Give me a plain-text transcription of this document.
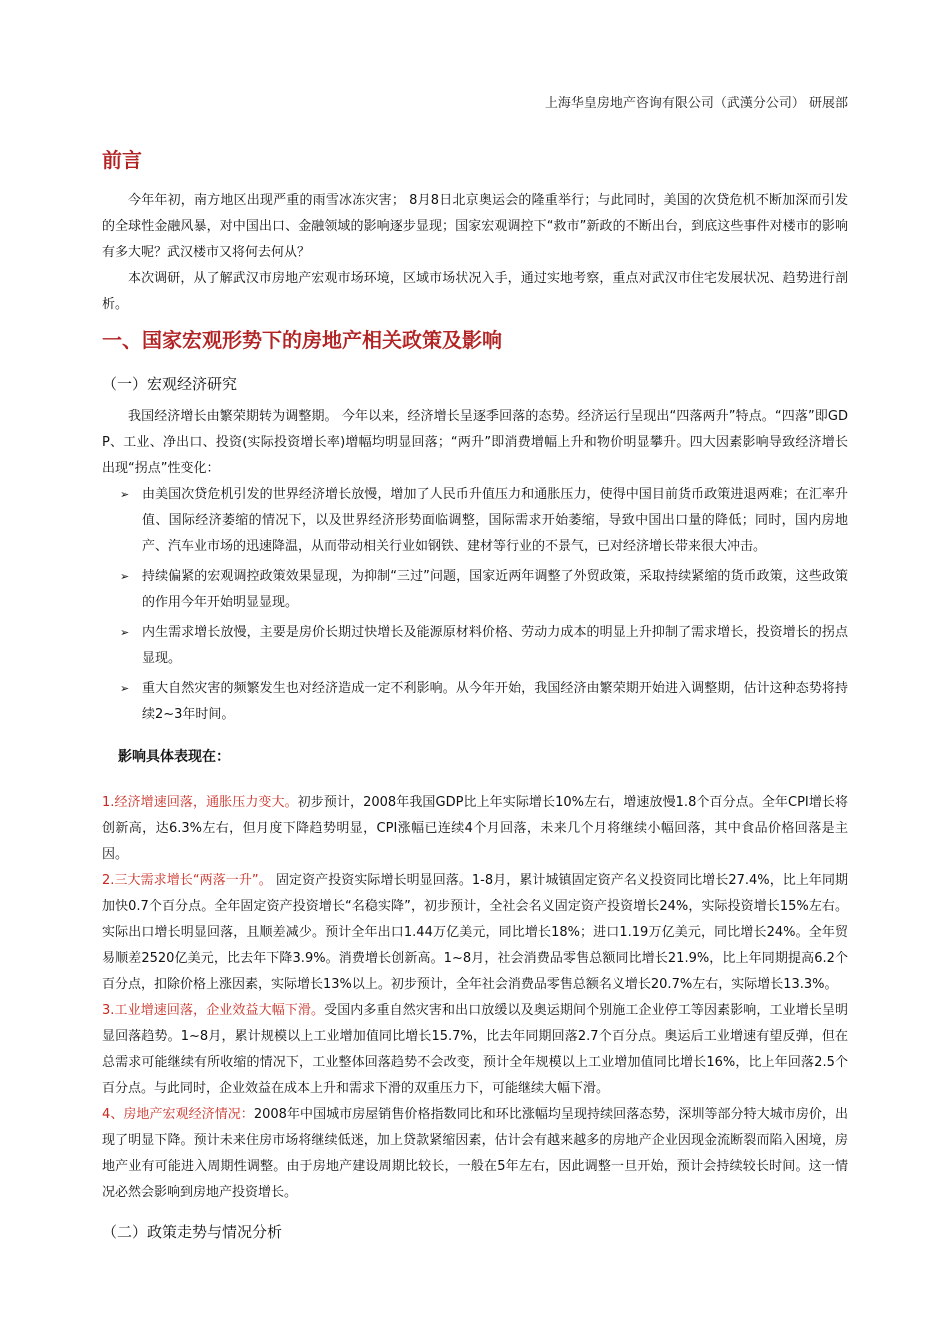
上海华皇房地产咨询有限公司（武漢分公司） 研展部
前言

今年年初，南方地区出现严重的雨雪冰冻灾害； 8月8日北京奥运会的隆重举行；与此同时，美国的次贷危机不断加深而引发的全球性金融风暴，对中国出口、金融领域的影响逐步显现；国家宏观调控下“救市”新政的不断出台，到底这些事件对楼市的影响有多大呢？武汉楼市又将何去何从？

本次调研，从了解武汉市房地产宏观市场环境，区域市场状况入手，通过实地考察，重点对武汉市住宅发展状况、趋势进行剖析。

一、国家宏观形势下的房地产相关政策及影响
（一）宏观经济研究

我国经济增长由繁荣期转为调整期。 今年以来，经济增长呈逐季回落的态势。经济运行呈现出“四落两升”特点。“四落”即GDP、工业、净出口、投资(实际投资增长率)增幅均明显回落；“两升”即消费增幅上升和物价明显攀升。四大因素影响导致经济增长出现“拐点”性变化：

➢ 由美国次贷危机引发的世界经济增长放慢，增加了人民币升值压力和通胀压力，使得中国目前货币政策进退两难；在汇率升值、国际经济萎缩的情况下，以及世界经济形势面临调整，国际需求开始萎缩，导致中国出口量的降低；同时，国内房地产、汽车业市场的迅速降温，从而带动相关行业如钢铁、建材等行业的不景气，已对经济增长带来很大冲击。
➢ 持续偏紧的宏观调控政策效果显现，为抑制“三过”问题，国家近两年调整了外贸政策，采取持续紧缩的货币政策，这些政策的作用今年开始明显显现。
➢ 内生需求增长放慢，主要是房价长期过快增长及能源原材料价格、劳动力成本的明显上升抑制了需求增长，投资增长的拐点显现。
➢ 重大自然灾害的频繁发生也对经济造成一定不利影响。从今年开始，我国经济由繁荣期开始进入调整期，估计这种态势将持续2~3年时间。
影响具体表现在：

1.经济增速回落，通胀压力变大。初步预计，2008年我国GDP比上年实际增长10%左右，增速放慢1.8个百分点。全年CPI增长将创新高，达6.3%左右，但月度下降趋势明显，CPI涨幅已连续4个月回落，未来几个月将继续小幅回落，其中食品价格回落是主因。

2.三大需求增长“两落一升”。 固定资产投资实际增长明显回落。1-8月，累计城镇固定资产名义投资同比增长27.4%，比上年同期加快0.7个百分点。全年固定资产投资增长“名稳实降”，初步预计，全社会名义固定资产投资增长24%，实际投资增长15%左右。实际出口增长明显回落，且顺差减少。预计全年出口1.44万亿美元，同比增长18%；进口1.19万亿美元，同比增长24%。全年贸易顺差2520亿美元，比去年下降3.9%。消费增长创新高。1~8月，社会消费品零售总额同比增长21.9%，比上年同期提高6.2个百分点，扣除价格上涨因素，实际增长13%以上。初步预计，全年社会消费品零售总额名义增长20.7%左右，实际增长13.3%。

3.工业增速回落，企业效益大幅下滑。受国内多重自然灾害和出口放缓以及奥运期间个别施工企业停工等因素影响，工业增长呈明显回落趋势。1~8月，累计规模以上工业增加值同比增长15.7%，比去年同期回落2.7个百分点。奥运后工业增速有望反弹，但在总需求可能继续有所收缩的情况下，工业整体回落趋势不会改变，预计全年规模以上工业增加值同比增长16%，比上年回落2.5个百分点。与此同时，企业效益在成本上升和需求下滑的双重压力下，可能继续大幅下滑。

4、房地产宏观经济情况：2008年中国城市房屋销售价格指数同比和环比涨幅均呈现持续回落态势，深圳等部分特大城市房价，出现了明显下降。预计未来住房市场将继续低迷，加上贷款紧缩因素，估计会有越来越多的房地产企业因现金流断裂而陷入困境，房地产业有可能进入周期性调整。由于房地产建设周期比较长，一般在5年左右，因此调整一旦开始，预计会持续较长时间。这一情况必然会影响到房地产投资增长。

（二）政策走势与情况分析
